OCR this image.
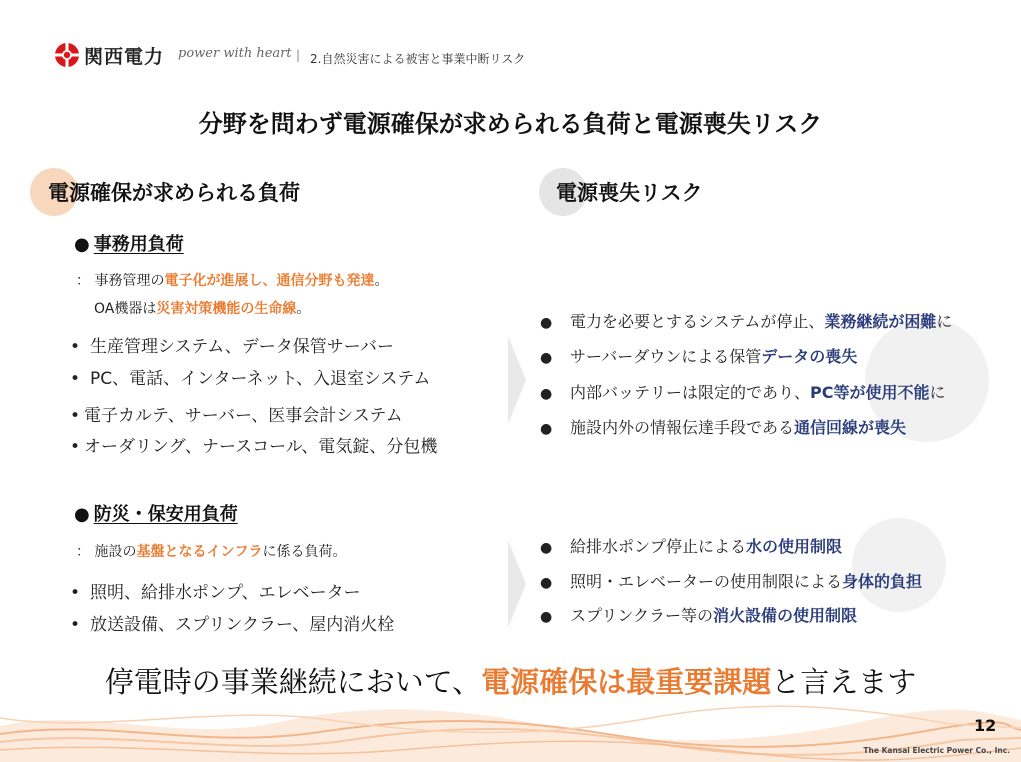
関西電力 power with heart | 2.自然災害による被害と事業中断リスク
分野を問わず電源確保が求められる負荷と電源喪失リスク
電源確保が求められる負荷	電源喪失リスク
● 事務用負荷
： 事務管理の電子化が進展し、通信分野も発達。
OA機器は災害対策機能の生命線。
• 生産管理システム、データ保管サーバー
• PC、電話、インターネット、入退室システム
• 電子カルテ、サーバー、医事会計システム
• オーダリング、ナースコール、電気錠、分包機
● 防災・保安用負荷
： 施設の基盤となるインフラに係る負荷。
• 照明、給排水ポンプ、エレベーター
• 放送設備、スプリンクラー、屋内消火栓
● 電力を必要とするシステムが停止、業務継続が困難に
● サーバーダウンによる保管データの喪失
● 内部バッテリーは限定的であり、PC等が使用不能に
● 施設内外の情報伝達手段である通信回線が喪失
● 給排水ポンプ停止による水の使用制限
● 照明・エレベーターの使用制限による身体的負担
● スプリンクラー等の消火設備の使用制限
停電時の事業継続において、電源確保は最重要課題と言えます
12
The Kansai Electric Power Co., Inc.
